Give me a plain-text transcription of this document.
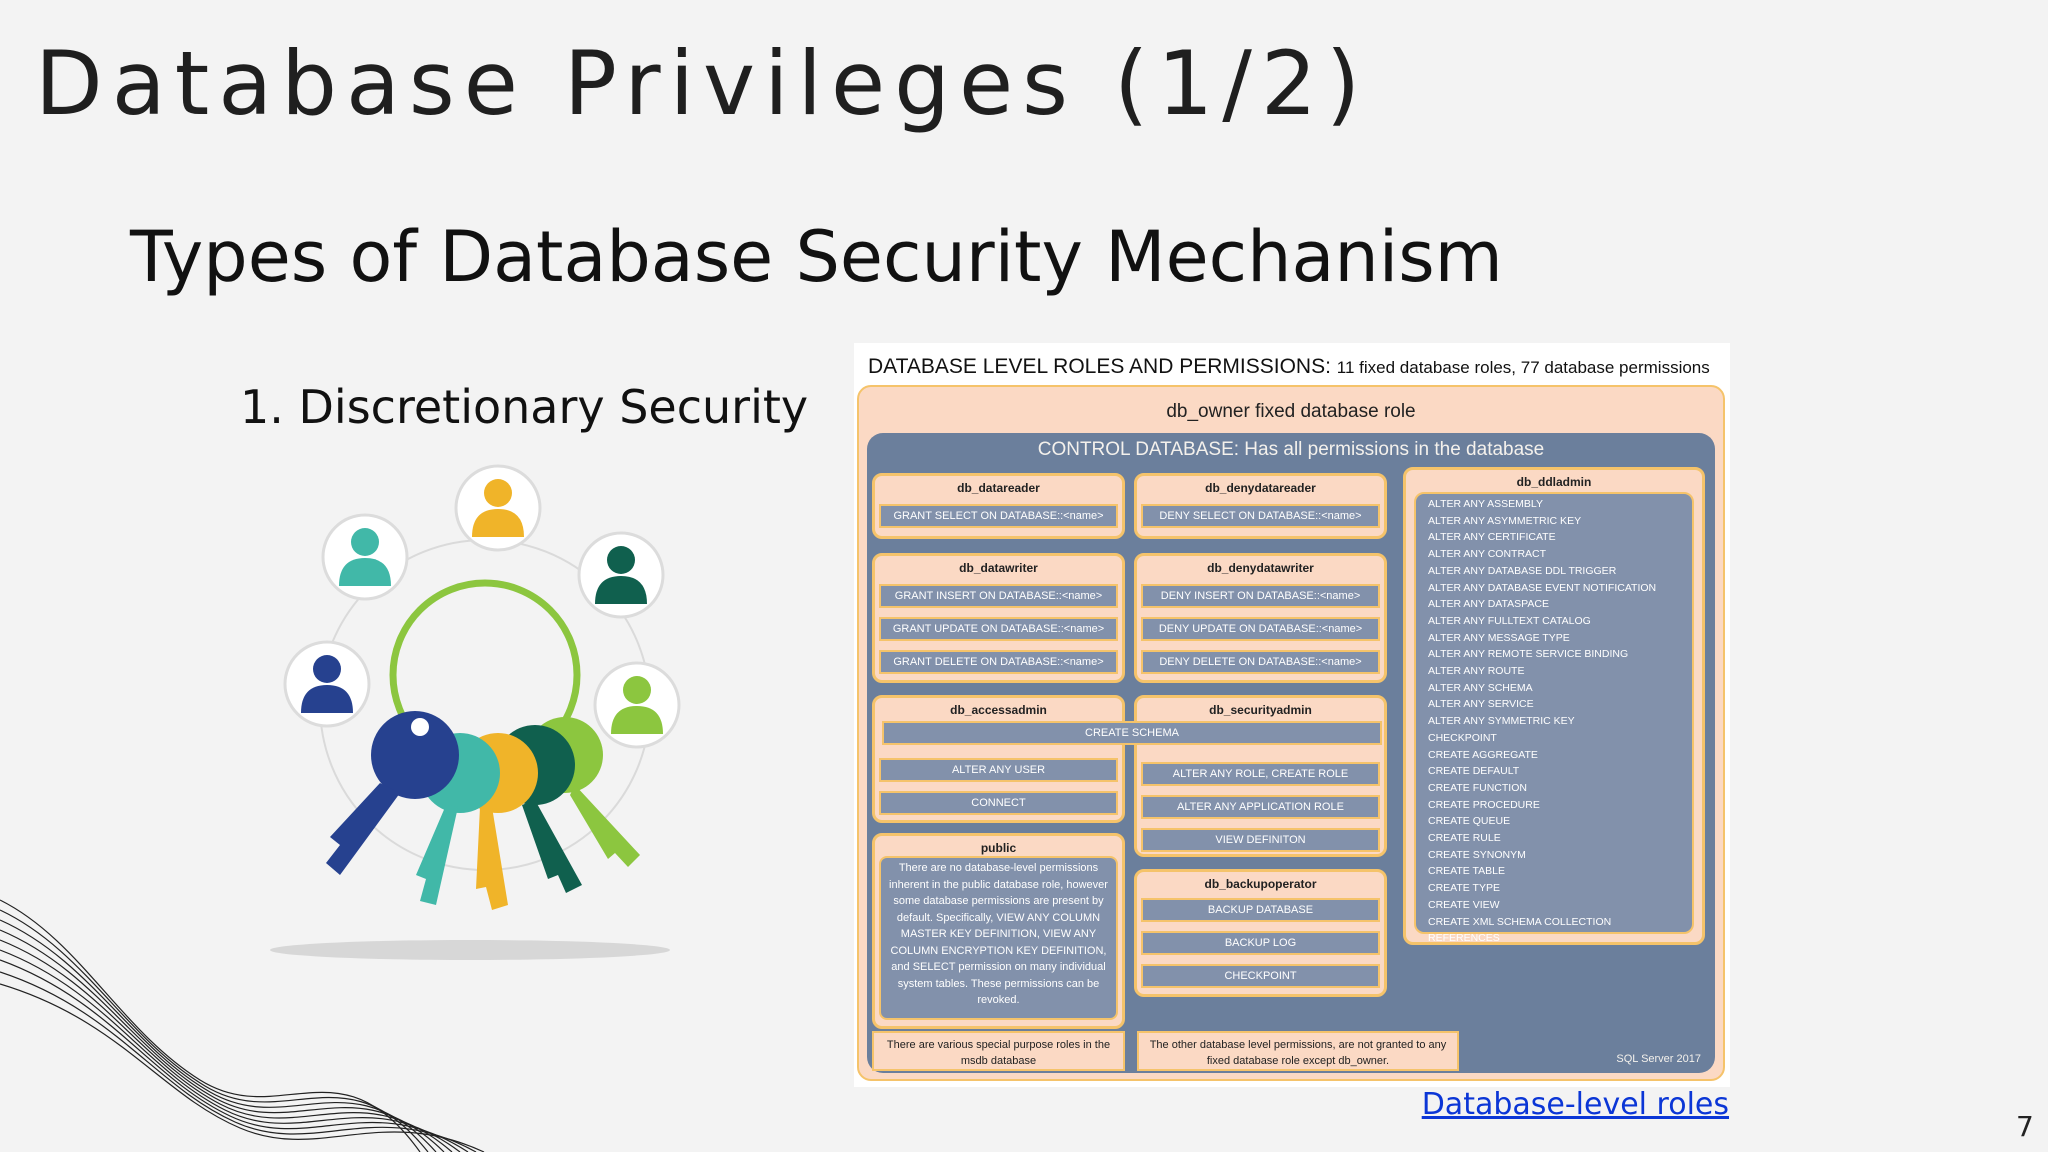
Database Privileges (1/2)
Types of Database Security Mechanism
1. Discretionary Security
DATABASE LEVEL ROLES AND PERMISSIONS: 11 fixed database roles, 77 database permissions
db_owner fixed database role
CONTROL DATABASE: Has all permissions in the database
db_datareader
GRANT SELECT ON DATABASE::<name>
db_denydatareader
DENY SELECT ON DATABASE::<name>
db_datawriter
GRANT INSERT ON DATABASE::<name>
GRANT UPDATE ON DATABASE::<name>
GRANT DELETE ON DATABASE::<name>
db_denydatawriter
DENY INSERT ON DATABASE::<name>
DENY UPDATE ON DATABASE::<name>
DENY DELETE ON DATABASE::<name>
db_accessadmin
ALTER ANY USER
CONNECT
db_securityadmin
ALTER ANY ROLE, CREATE ROLE
ALTER ANY APPLICATION ROLE
VIEW DEFINITON
CREATE SCHEMA
public
There are no database-level permissions inherent in the public database role, however some database permissions are present by default. Specifically, VIEW ANY COLUMN MASTER KEY DEFINITION, VIEW ANY COLUMN ENCRYPTION KEY DEFINITION, and SELECT permission on many individual system tables. These permissions can be revoked.
db_backupoperator
BACKUP DATABASE
BACKUP LOG
CHECKPOINT
db_ddladmin
ALTER ANY ASSEMBLY
ALTER ANY ASYMMETRIC KEY
ALTER ANY CERTIFICATE
ALTER ANY CONTRACT
ALTER ANY DATABASE DDL TRIGGER
ALTER ANY DATABASE EVENT NOTIFICATION
ALTER ANY DATASPACE
ALTER ANY FULLTEXT CATALOG
ALTER ANY MESSAGE TYPE
ALTER ANY REMOTE SERVICE BINDING
ALTER ANY ROUTE
ALTER ANY SCHEMA
ALTER ANY SERVICE
ALTER ANY SYMMETRIC KEY
CHECKPOINT
CREATE AGGREGATE
CREATE DEFAULT
CREATE FUNCTION
CREATE PROCEDURE
CREATE QUEUE
CREATE RULE
CREATE SYNONYM
CREATE TABLE
CREATE TYPE
CREATE VIEW
CREATE XML SCHEMA COLLECTION
REFERENCES
There are various special purpose roles in the msdb database
The other database level permissions, are not granted to any fixed database role except db_owner.	SQL Server 2017
Database-level roles
7
